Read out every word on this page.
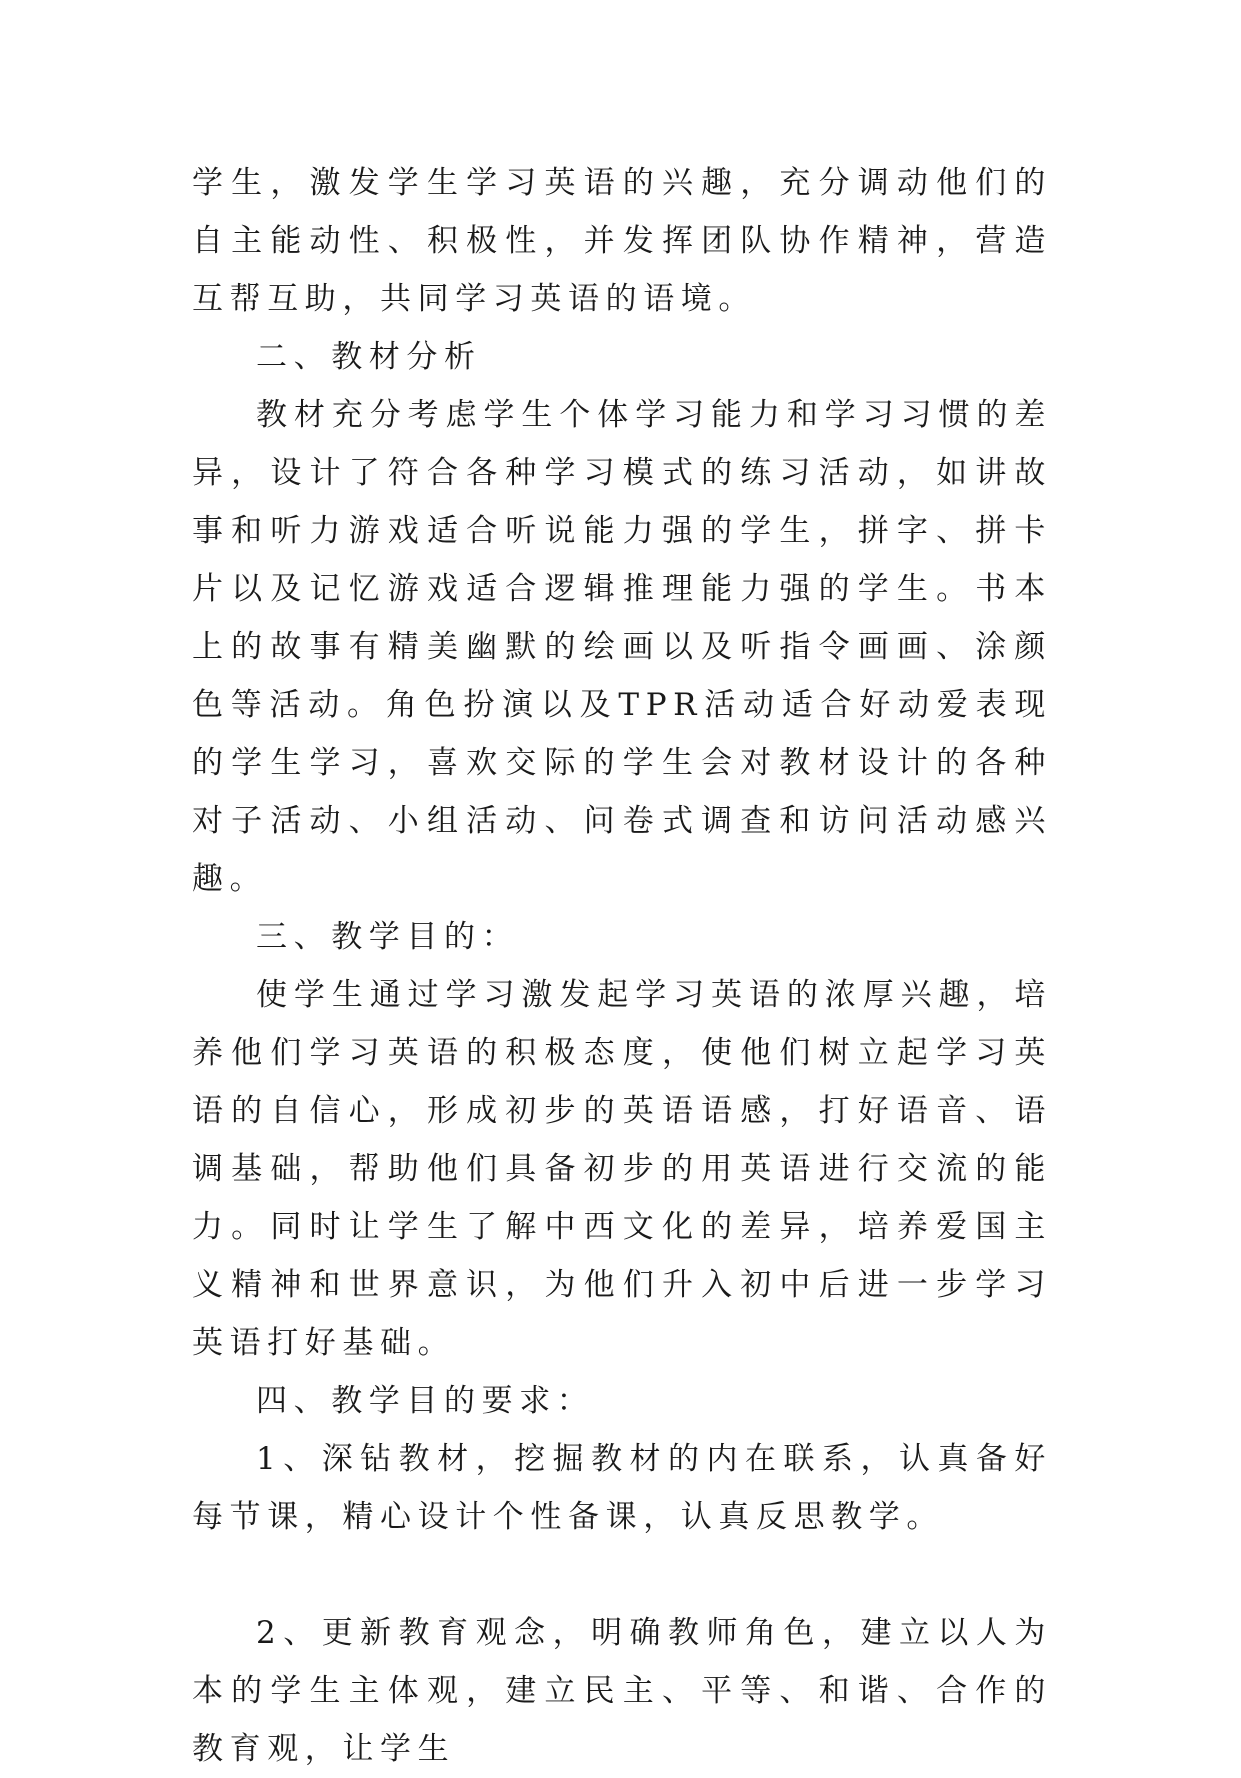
学生，激发学生学习英语的兴趣，充分调动他们的自主能动性、积极性，并发挥团队协作精神，营造互帮互助，共同学习英语的语境。

二、教材分析

教材充分考虑学生个体学习能力和学习习惯的差异，设计了符合各种学习模式的练习活动，如讲故事和听力游戏适合听说能力强的学生，拼字、拼卡片以及记忆游戏适合逻辑推理能力强的学生。书本上的故事有精美幽默的绘画以及听指令画画、涂颜色等活动。角色扮演以及TPR活动适合好动爱表现的学生学习，喜欢交际的学生会对教材设计的各种对子活动、小组活动、问卷式调查和访问活动感兴趣。

三、教学目的：

使学生通过学习激发起学习英语的浓厚兴趣，培养他们学习英语的积极态度，使他们树立起学习英语的自信心，形成初步的英语语感，打好语音、语调基础，帮助他们具备初步的用英语进行交流的能力。同时让学生了解中西文化的差异，培养爱国主义精神和世界意识，为他们升入初中后进一步学习英语打好基础。

四、教学目的要求：

1、深钻教材，挖掘教材的内在联系，认真备好每节课，精心设计个性备课，认真反思教学。

2、更新教育观念，明确教师角色，建立以人为本的学生主体观，建立民主、平等、和谐、合作的教育观，让学生
